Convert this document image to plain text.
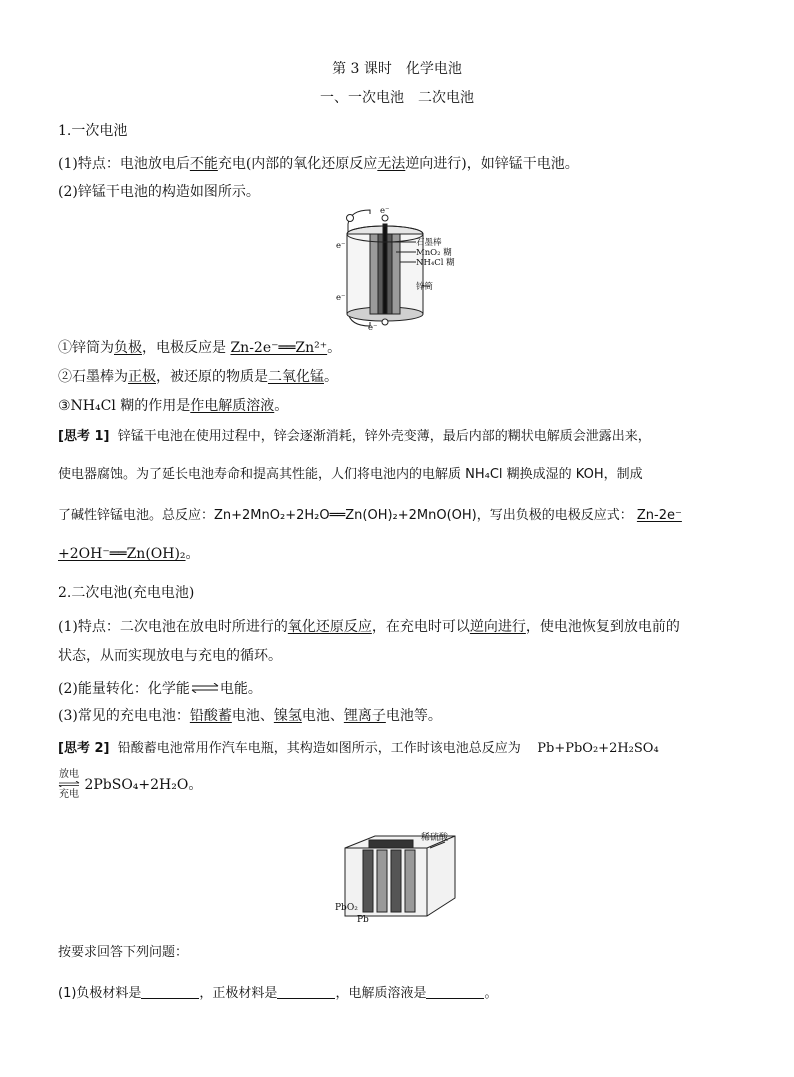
第 3 课时　化学电池
一、一次电池　二次电池
1.一次电池
(1)特点：电池放电后不能充电(内部的氧化还原反应无法逆向进行)，如锌锰干电池。
(2)锌锰干电池的构造如图所示。
e⁻
e⁻
e⁻
e⁻
石墨棒
MnO₂ 糊
NH₄Cl 糊
锌筒
①锌筒为负极，电极反应是 Zn-2e⁻══Zn²⁺。
②石墨棒为正极，被还原的物质是二氧化锰。
③NH₄Cl 糊的作用是作电解质溶液。
[思考 1] 锌锰干电池在使用过程中，锌会逐渐消耗，锌外壳变薄，最后内部的糊状电解质会泄露出来，
使电器腐蚀。为了延长电池寿命和提高其性能，人们将电池内的电解质 NH₄Cl 糊换成湿的 KOH，制成
了碱性锌锰电池。总反应：Zn+2MnO₂+2H₂O══Zn(OH)₂+2MnO(OH)，写出负极的电极反应式： Zn-2e⁻
+2OH⁻══Zn(OH)₂。
2.二次电池(充电电池)
(1)特点：二次电池在放电时所进行的氧化还原反应，在充电时可以逆向进行，使电池恢复到放电前的
状态，从而实现放电与充电的循环。
(2)能量转化：化学能⇌电能。
(3)常见的充电电池：铅酸蓄电池、镍氢电池、锂离子电池等。
[思考 2] 铅酸蓄电池常用作汽车电瓶，其构造如图所示，工作时该电池总反应为 Pb+PbO₂+2H₂SO₄
放电

充电 2PbSO₄+2H₂O。
稀硫酸
PbO₂
Pb
按要求回答下列问题：
(1)负极材料是	，正极材料是	，电解质溶液是	。
